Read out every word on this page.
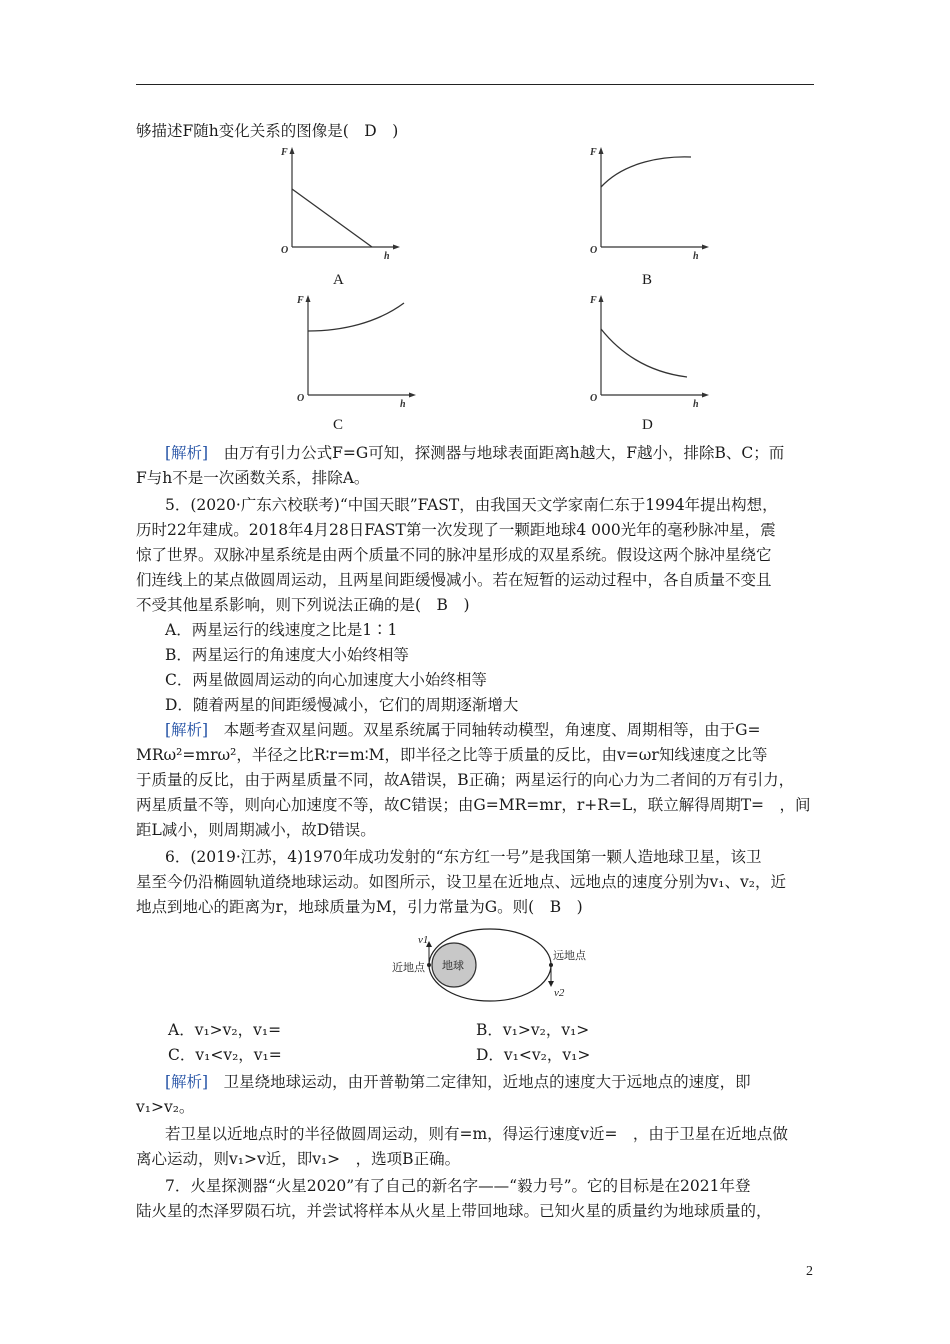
够描述F随h变化关系的图像是(　D　)
F
O
h
A
F
O
h
B
F
O
h
C
F
O
h
D
[解析]　由万有引力公式F=G可知，探测器与地球表面距离h越大，F越小，排除B、C；而
F与h不是一次函数关系，排除A。
5．(2020·广东六校联考)“中国天眼”FAST，由我国天文学家南仁东于1994年提出构想，
历时22年建成。2018年4月28日FAST第一次发现了一颗距地球4 000光年的毫秒脉冲星，震
惊了世界。双脉冲星系统是由两个质量不同的脉冲星形成的双星系统。假设这两个脉冲星绕它
们连线上的某点做圆周运动，且两星间距缓慢减小。若在短暂的运动过程中，各自质量不变且
不受其他星系影响，则下列说法正确的是(　B　)
A．两星运行的线速度之比是1∶1
B．两星运行的角速度大小始终相等
C．两星做圆周运动的向心加速度大小始终相等
D．随着两星的间距缓慢减小，它们的周期逐渐增大
[解析]　本题考查双星问题。双星系统属于同轴转动模型，角速度、周期相等，由于G=
MRω²=mrω²，半径之比R∶r=m∶M，即半径之比等于质量的反比，由v=ωr知线速度之比等
于质量的反比，由于两星质量不同，故A错误，B正确；两星运行的向心力为二者间的万有引力，
两星质量不等，则向心加速度不等，故C错误；由G=MR=mr，r+R=L，联立解得周期T=　，间
距L减小，则周期减小，故D错误。
6．(2019·江苏，4)1970年成功发射的“东方红一号”是我国第一颗人造地球卫星，该卫
星至今仍沿椭圆轨道绕地球运动。如图所示，设卫星在近地点、远地点的速度分别为v₁、v₂，近
地点到地心的距离为r，地球质量为M，引力常量为G。则(　B　)
地球
v1
近地点
远地点
v2
A．v₁>v₂，v₁=	B．v₁>v₂，v₁>
C．v₁<v₂，v₁=	D．v₁<v₂，v₁>
[解析]　卫星绕地球运动，由开普勒第二定律知，近地点的速度大于远地点的速度，即
v₁>v₂。
若卫星以近地点时的半径做圆周运动，则有=m，得运行速度v近=　，由于卫星在近地点做
离心运动，则v₁>v近，即v₁>　，选项B正确。
7．火星探测器“火星2020”有了自己的新名字——“毅力号”。它的目标是在2021年登
陆火星的杰泽罗陨石坑，并尝试将样本从火星上带回地球。已知火星的质量约为地球质量的，
2
